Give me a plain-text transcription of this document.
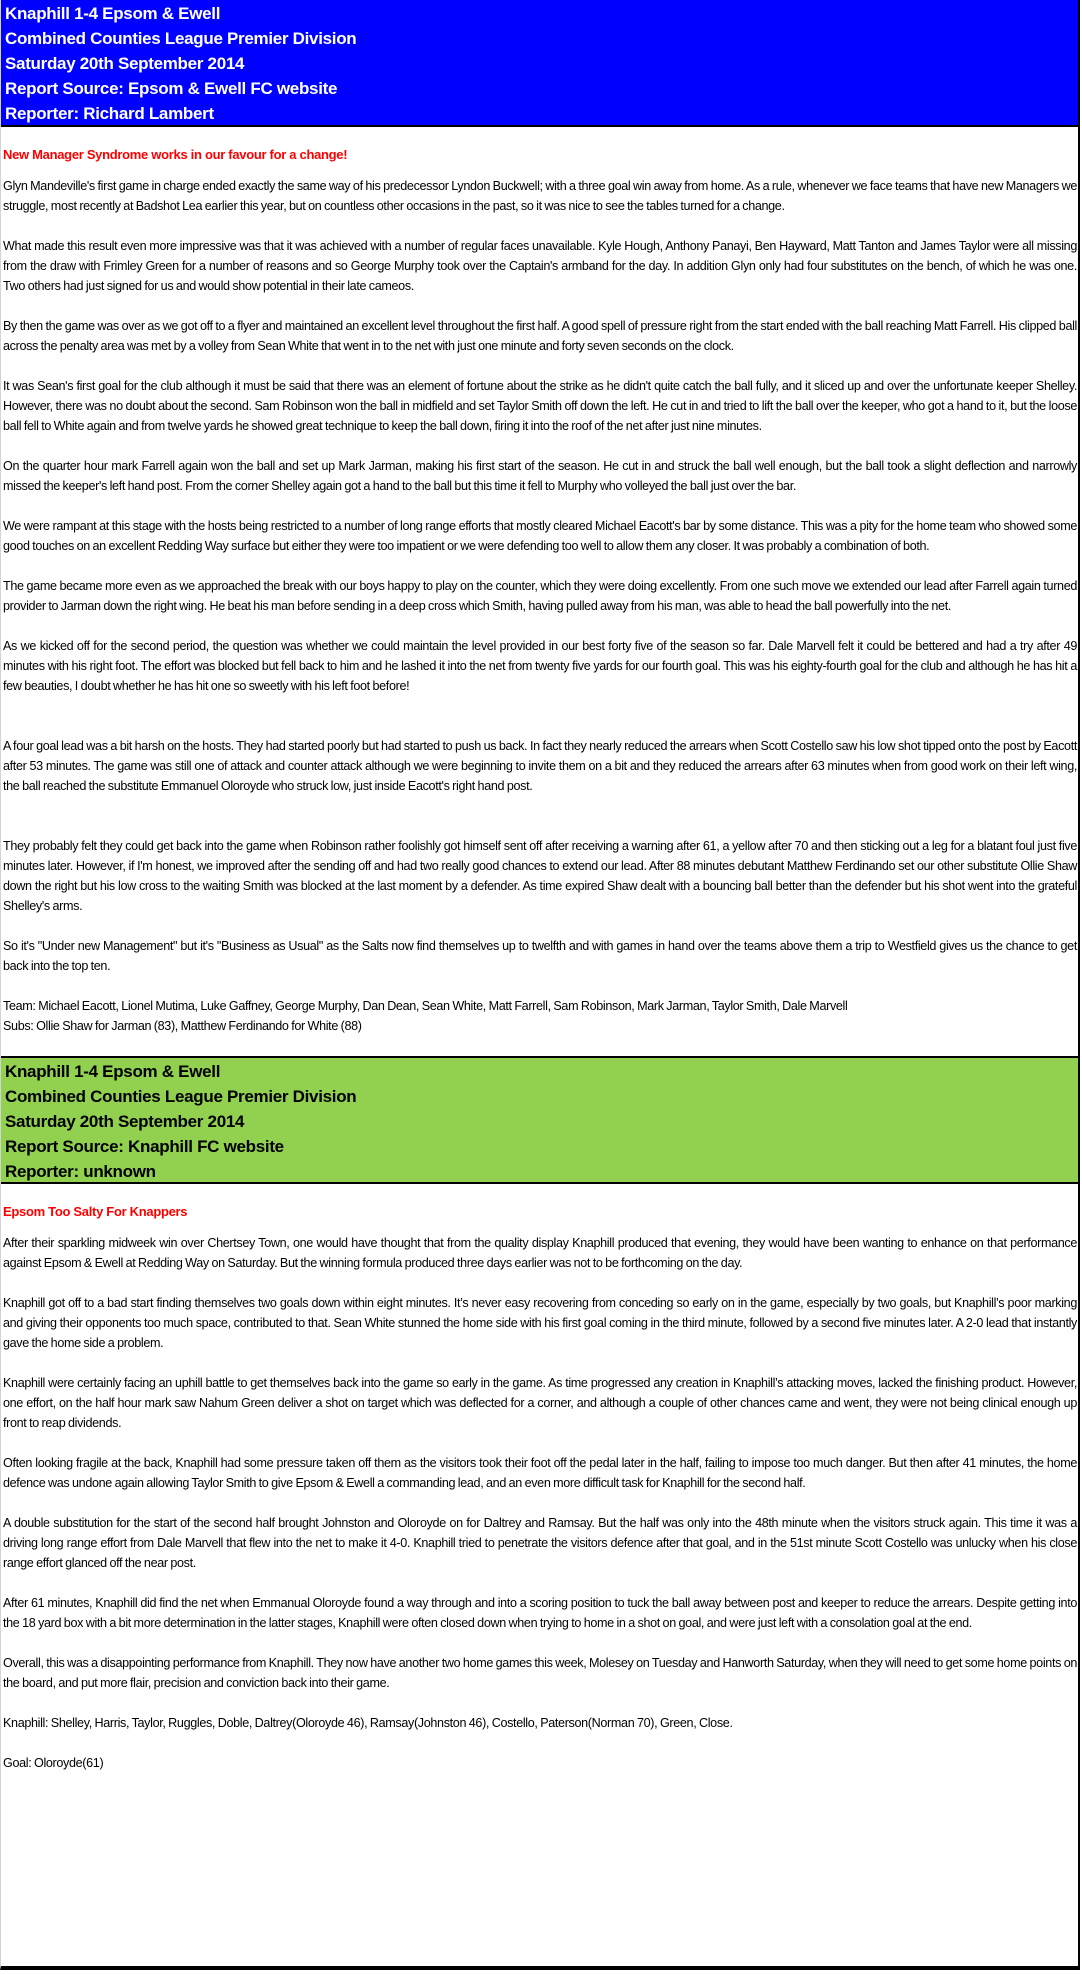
Knaphill 1-4 Epsom & Ewell
Combined Counties League Premier Division
Saturday 20th September 2014
Report Source: Epsom & Ewell FC website
Reporter: Richard Lambert

New Manager Syndrome works in our favour for a change!

Glyn Mandeville's first game in charge ended exactly the same way of his predecessor Lyndon Buckwell; with a three goal win away from home. As a rule, whenever we face teams that have new Managers we struggle, most recently at Badshot Lea earlier this year, but on countless other occasions in the past, so it was nice to see the tables turned for a change.

What made this result even more impressive was that it was achieved with a number of regular faces unavailable. Kyle Hough, Anthony Panayi, Ben Hayward, Matt Tanton and James Taylor were all missing from the draw with Frimley Green for a number of reasons and so George Murphy took over the Captain's armband for the day. In addition Glyn only had four substitutes on the bench, of which he was one. Two others had just signed for us and would show potential in their late cameos.

By then the game was over as we got off to a flyer and maintained an excellent level throughout the first half. A good spell of pressure right from the start ended with the ball reaching Matt Farrell. His clipped ball across the penalty area was met by a volley from Sean White that went in to the net with just one minute and forty seven seconds on the clock.

It was Sean's first goal for the club although it must be said that there was an element of fortune about the strike as he didn't quite catch the ball fully, and it sliced up and over the unfortunate keeper Shelley. However, there was no doubt about the second. Sam Robinson won the ball in midfield and set Taylor Smith off down the left. He cut in and tried to lift the ball over the keeper, who got a hand to it, but the loose ball fell to White again and from twelve yards he showed great technique to keep the ball down, firing it into the roof of the net after just nine minutes.

On the quarter hour mark Farrell again won the ball and set up Mark Jarman, making his first start of the season. He cut in and struck the ball well enough, but the ball took a slight deflection and narrowly missed the keeper's left hand post. From the corner Shelley again got a hand to the ball but this time it fell to Murphy who volleyed the ball just over the bar.

We were rampant at this stage with the hosts being restricted to a number of long range efforts that mostly cleared Michael Eacott's bar by some distance. This was a pity for the home team who showed some good touches on an excellent Redding Way surface but either they were too impatient or we were defending too well to allow them any closer. It was probably a combination of both.

The game became more even as we approached the break with our boys happy to play on the counter, which they were doing excellently. From one such move we extended our lead after Farrell again turned provider to Jarman down the right wing. He beat his man before sending in a deep cross which Smith, having pulled away from his man, was able to head the ball powerfully into the net.

As we kicked off for the second period, the question was whether we could maintain the level provided in our best forty five of the season so far. Dale Marvell felt it could be bettered and had a try after 49 minutes with his right foot. The effort was blocked but fell back to him and he lashed it into the net from twenty five yards for our fourth goal. This was his eighty-fourth goal for the club and although he has hit a few beauties, I doubt whether he has hit one so sweetly with his left foot before!

A four goal lead was a bit harsh on the hosts. They had started poorly but had started to push us back. In fact they nearly reduced the arrears when Scott Costello saw his low shot tipped onto the post by Eacott after 53 minutes. The game was still one of attack and counter attack although we were beginning to invite them on a bit and they reduced the arrears after 63 minutes when from good work on their left wing, the ball reached the substitute Emmanuel Oloroyde who struck low, just inside Eacott's right hand post.

They probably felt they could get back into the game when Robinson rather foolishly got himself sent off after receiving a warning after 61, a yellow after 70 and then sticking out a leg for a blatant foul just five minutes later. However, if I'm honest, we improved after the sending off and had two really good chances to extend our lead. After 88 minutes debutant Matthew Ferdinando set our other substitute Ollie Shaw down the right but his low cross to the waiting Smith was blocked at the last moment by a defender. As time expired Shaw dealt with a bouncing ball better than the defender but his shot went into the grateful Shelley's arms.

So it's "Under new Management" but it's "Business as Usual" as the Salts now find themselves up to twelfth and with games in hand over the teams above them a trip to Westfield gives us the chance to get back into the top ten.

Team: Michael Eacott, Lionel Mutima, Luke Gaffney, George Murphy, Dan Dean, Sean White, Matt Farrell, Sam Robinson, Mark Jarman, Taylor Smith, Dale Marvell

Subs: Ollie Shaw for Jarman (83), Matthew Ferdinando for White (88)

Knaphill 1-4 Epsom & Ewell
Combined Counties League Premier Division
Saturday 20th September 2014
Report Source: Knaphill FC website
Reporter: unknown

Epsom Too Salty For Knappers

After their sparkling midweek win over Chertsey Town, one would have thought that from the quality display Knaphill produced that evening, they would have been wanting to enhance on that performance against Epsom & Ewell at Redding Way on Saturday. But the winning formula produced three days earlier was not to be forthcoming on the day.

Knaphill got off to a bad start finding themselves two goals down within eight minutes. It’s never easy recovering from conceding so early on in the game, especially by two goals, but Knaphill’s poor marking and giving their opponents too much space, contributed to that. Sean White stunned the home side with his first goal coming in the third minute, followed by a second five minutes later. A 2-0 lead that instantly gave the home side a problem.

Knaphill were certainly facing an uphill battle to get themselves back into the game so early in the game. As time progressed any creation in Knaphill’s attacking moves, lacked the finishing product. However, one effort, on the half hour mark saw Nahum Green deliver a shot on target which was deflected for a corner, and although a couple of other chances came and went, they were not being clinical enough up front to reap dividends.

Often looking fragile at the back, Knaphill had some pressure taken off them as the visitors took their foot off the pedal later in the half, failing to impose too much danger. But then after 41 minutes, the home defence was undone again allowing Taylor Smith to give Epsom & Ewell a commanding lead, and an even more difficult task for Knaphill for the second half.

A double substitution for the start of the second half brought Johnston and Oloroyde on for Daltrey and Ramsay. But the half was only into the 48th minute when the visitors struck again. This time it was a driving long range effort from Dale Marvell that flew into the net to make it 4-0. Knaphill tried to penetrate the visitors defence after that goal, and in the 51st minute Scott Costello was unlucky when his close range effort glanced off the near post.

After 61 minutes, Knaphill did find the net when Emmanual Oloroyde found a way through and into a scoring position to tuck the ball away between post and keeper to reduce the arrears. Despite getting into the 18 yard box with a bit more determination in the latter stages, Knaphill were often closed down when trying to home in a shot on goal, and were just left with a consolation goal at the end.

Overall, this was a disappointing performance from Knaphill. They now have another two home games this week, Molesey on Tuesday and Hanworth Saturday, when they will need to get some home points on the board, and put more flair, precision and conviction back into their game.

Knaphill: Shelley, Harris, Taylor, Ruggles, Doble, Daltrey(Oloroyde 46), Ramsay(Johnston 46), Costello, Paterson(Norman 70), Green, Close.

Goal: Oloroyde(61)
